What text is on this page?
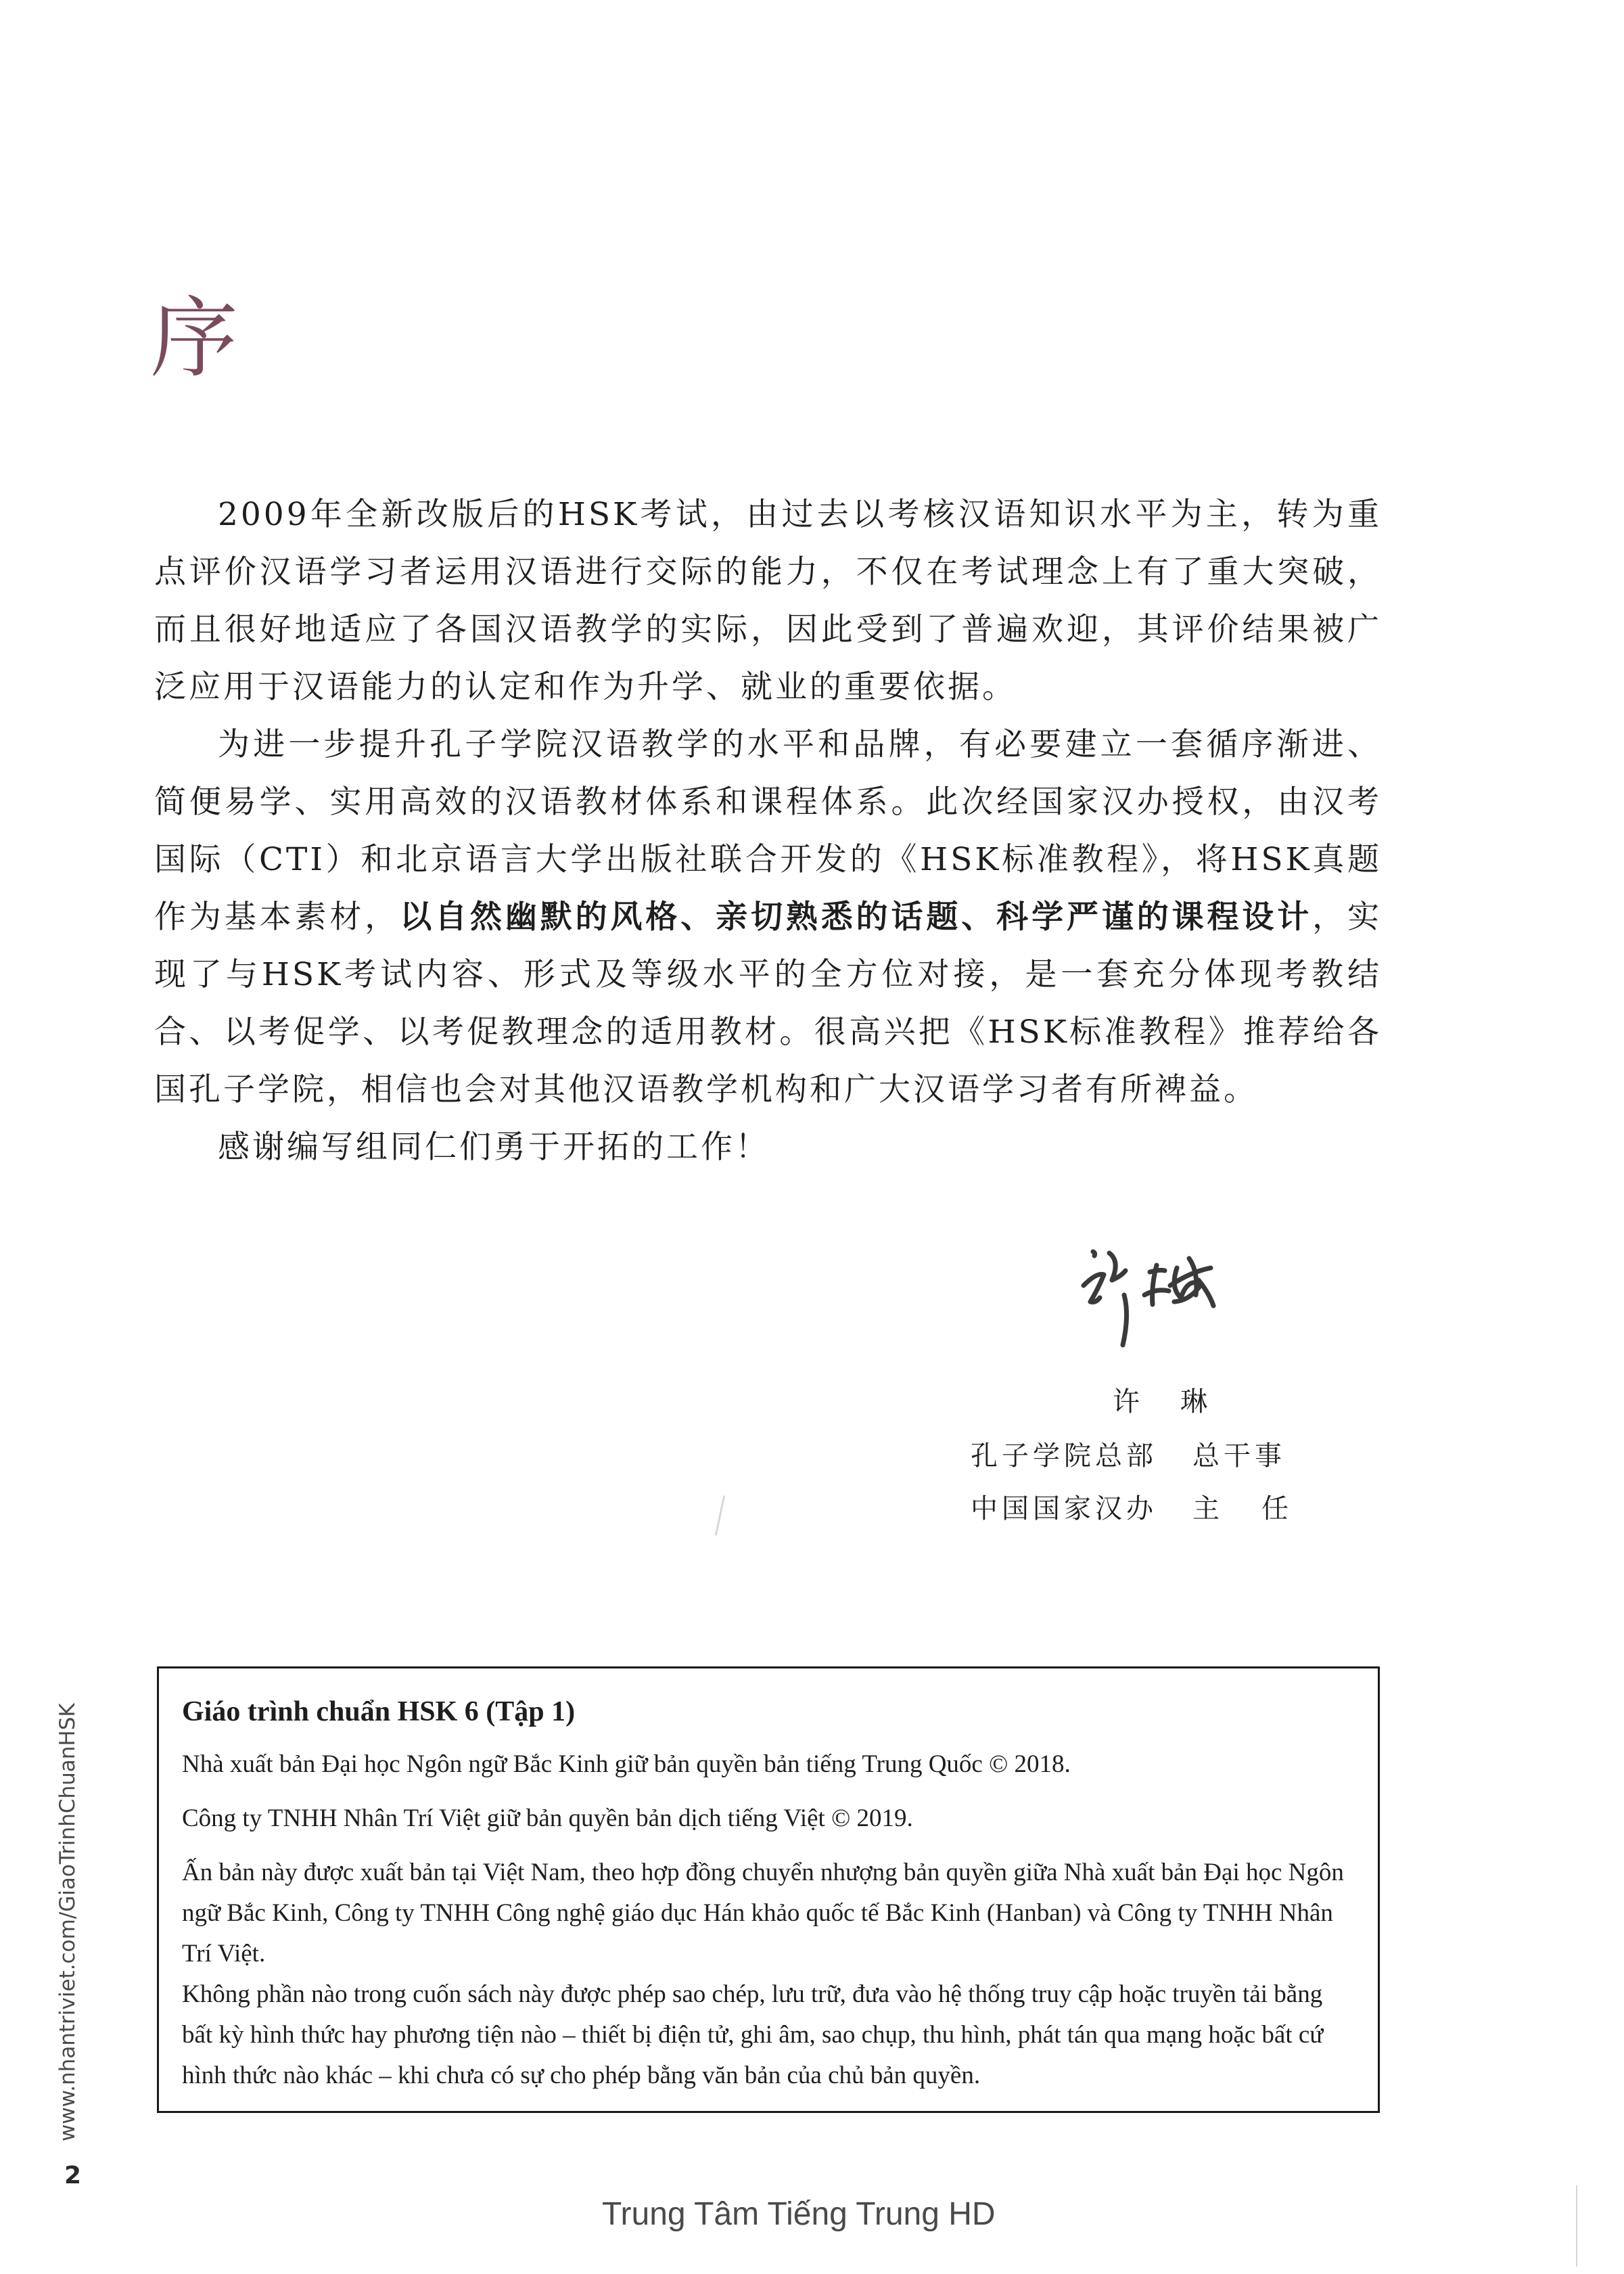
序

2009年全新改版后的HSK考试，由过去以考核汉语知识水平为主，转为重点评价汉语学习者运用汉语进行交际的能力，不仅在考试理念上有了重大突破，而且很好地适应了各国汉语教学的实际，因此受到了普遍欢迎，其评价结果被广泛应用于汉语能力的认定和作为升学、就业的重要依据。

为进一步提升孔子学院汉语教学的水平和品牌，有必要建立一套循序渐进、简便易学、实用高效的汉语教材体系和课程体系。此次经国家汉办授权，由汉考国际（CTI）和北京语言大学出版社联合开发的《HSK标准教程》，将HSK真题作为基本素材，以自然幽默的风格、亲切熟悉的话题、科学严谨的课程设计，实现了与HSK考试内容、形式及等级水平的全方位对接，是一套充分体现考教结合、以考促学、以考促教理念的适用教材。很高兴把《HSK标准教程》推荐给各国孔子学院，相信也会对其他汉语教学机构和广大汉语学习者有所裨益。

感谢编写组同仁们勇于开拓的工作！

许琳
孔子学院总部 总干事
中国国家汉办 主任

Giáo trình chuẩn HSK 6 (Tập 1)

Nhà xuất bản Đại học Ngôn ngữ Bắc Kinh giữ bản quyền bản tiếng Trung Quốc © 2018.

Công ty TNHH Nhân Trí Việt giữ bản quyền bản dịch tiếng Việt © 2019.

Ấn bản này được xuất bản tại Việt Nam, theo hợp đồng chuyển nhượng bản quyền giữa Nhà xuất bản Đại học Ngôn ngữ Bắc Kinh, Công ty TNHH Công nghệ giáo dục Hán khảo quốc tế Bắc Kinh (Hanban) và Công ty TNHH Nhân Trí Việt.

Không phần nào trong cuốn sách này được phép sao chép, lưu trữ, đưa vào hệ thống truy cập hoặc truyền tải bằng bất kỳ hình thức hay phương tiện nào – thiết bị điện tử, ghi âm, sao chụp, thu hình, phát tán qua mạng hoặc bất cứ hình thức nào khác – khi chưa có sự cho phép bằng văn bản của chủ bản quyền.

www.nhantriviet.com/GiaoTrinhChuanHSK
2
Trung Tâm Tiếng Trung HD
